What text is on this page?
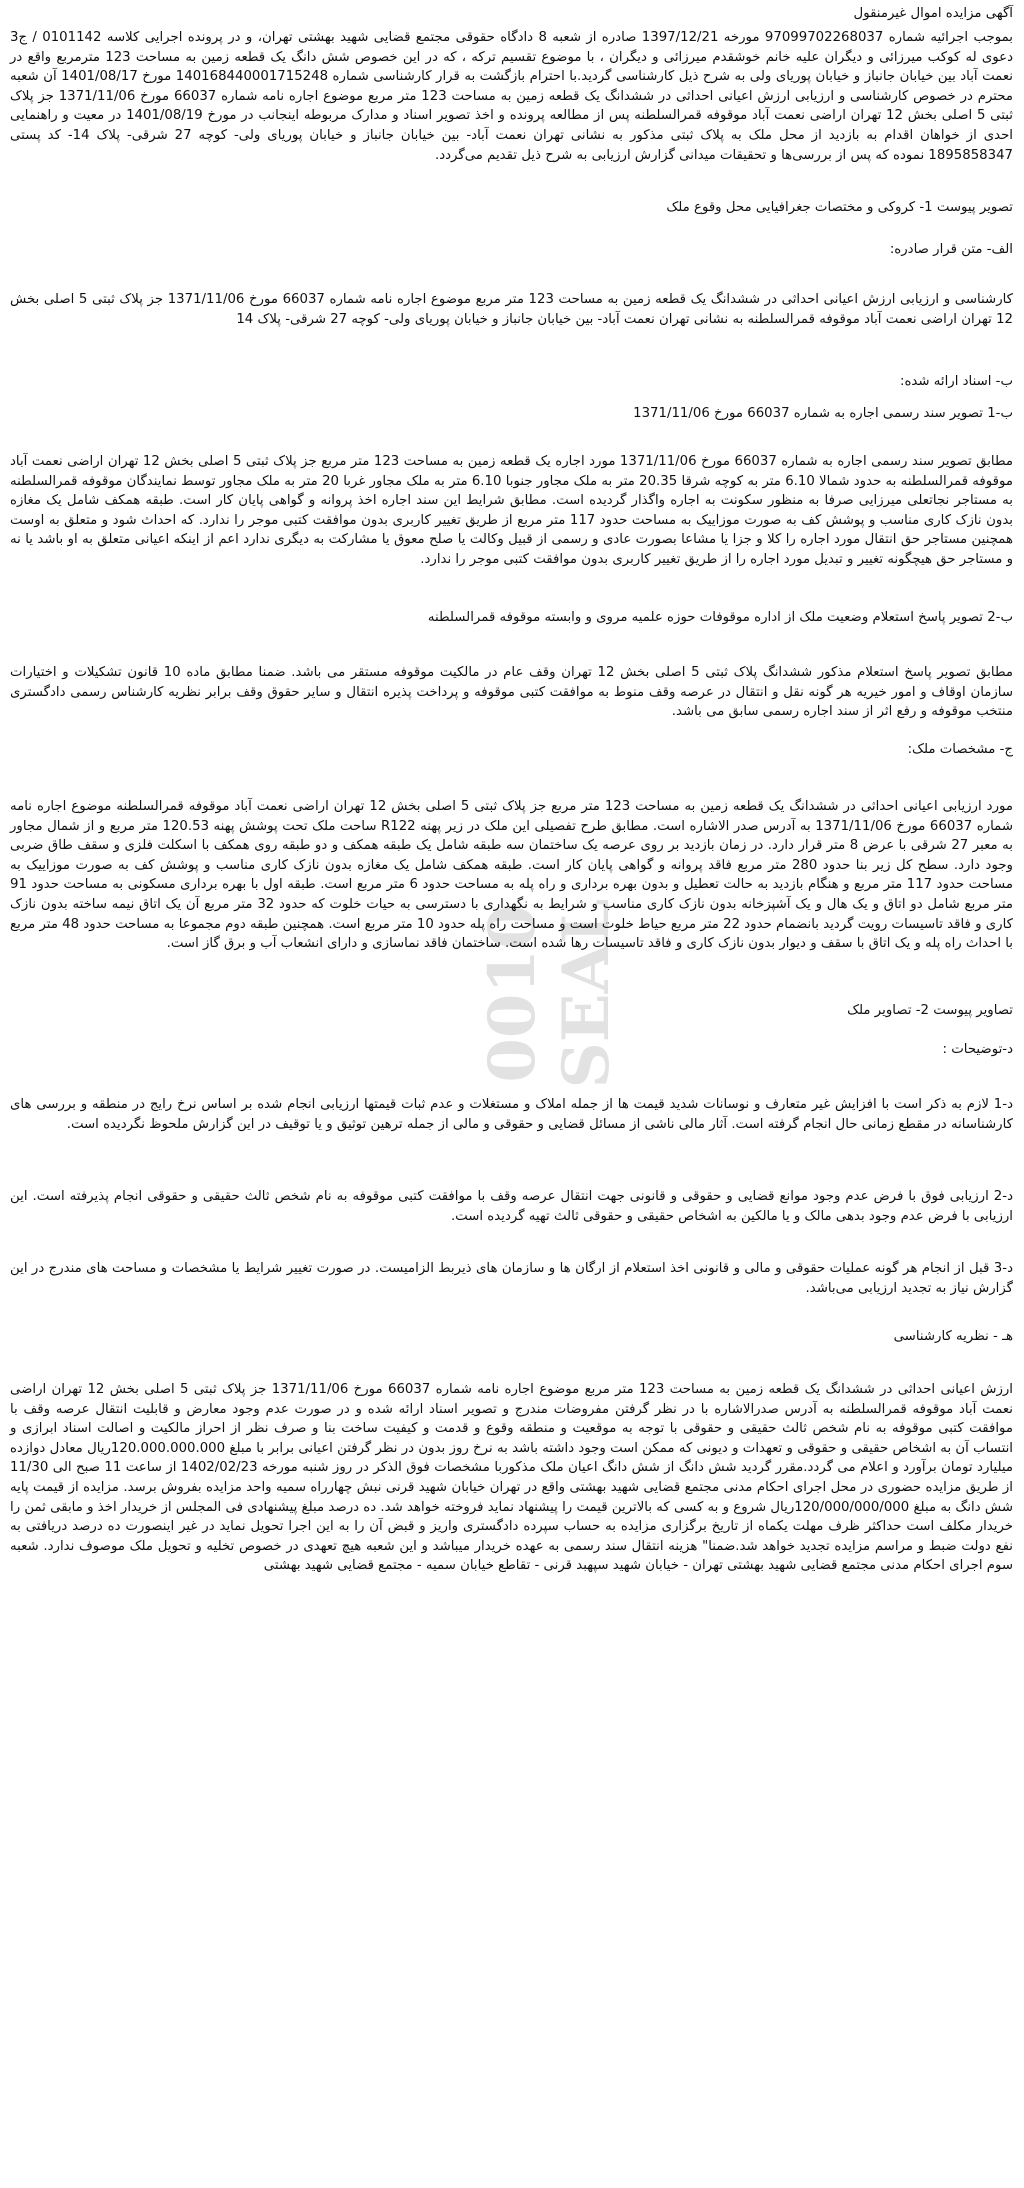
0010
SEAL

آگهی مزایده اموال غیرمنقول

بموجب اجرائیه شماره 97099702268037 مورخه 1397/12/21 صادره از شعبه 8 دادگاه حقوقی مجتمع قضایی شهید بهشتی تهران، و در پرونده اجرایی کلاسه 0101142 / ج3 دعوی له کوکب میرزائی و دیگران علیه خانم خوشقدم میرزائی و دیگران ، با موضوع تقسیم ترکه ، که در این خصوص شش دانگ یک قطعه زمین به مساحت 123 مترمربع واقع در نعمت آباد بین خیابان جانباز و خیابان پوریای ولی به شرح ذیل کارشناسی گردید.با احترام بازگشت به قرار کارشناسی شماره 140168440001715248 مورخ 1401/08/17 آن شعبه محترم در خصوص کارشناسی و ارزیابی ارزش اعیانی احداثی در ششدانگ یک قطعه زمین به مساحت 123 متر مربع موضوع اجاره نامه شماره 66037 مورخ 1371/11/06 جز پلاک ثبتی 5 اصلی بخش 12 تهران اراضی نعمت آباد موقوفه قمرالسلطنه پس از مطالعه پرونده و اخذ تصویر اسناد و مدارک مربوطه اینجانب در مورخ 1401/08/19 در معیت و راهنمایی احدی از خواهان اقدام به بازدید از محل ملک به پلاک ثبتی مذکور به نشانی تهران نعمت آباد- بین خیابان جانباز و خیابان پوریای ولی- کوچه 27 شرقی- پلاک 14- کد پستی 1895858347 نموده که پس از بررسی‌ها و تحقیقات میدانی گزارش ارزیابی به شرح ذیل تقدیم می‌گردد.

تصویر پیوست 1- کروکی و مختصات جغرافیایی محل وقوع ملک

الف- متن قرار صادره:

کارشناسی و ارزیابی ارزش اعیانی احداثی در ششدانگ یک قطعه زمین به مساحت 123 متر مربع موضوع اجاره نامه شماره 66037 مورخ 1371/11/06 جز پلاک ثبتی 5 اصلی بخش 12 تهران اراضی نعمت آباد موقوفه قمرالسلطنه به نشانی تهران نعمت آباد- بین خیابان جانباز و خیابان پوریای ولی- کوچه 27 شرقی- پلاک 14

ب- اسناد ارائه شده:

ب-1 تصویر سند رسمی اجاره به شماره 66037 مورخ 1371/11/06

مطابق تصویر سند رسمی اجاره به شماره 66037 مورخ 1371/11/06 مورد اجاره یک قطعه زمین به مساحت 123 متر مربع جز پلاک ثبتی 5 اصلی بخش 12 تهران اراضی نعمت آباد موقوفه قمرالسلطنه به حدود شمالا 6.10 متر به کوچه شرقا 20.35 متر به ملک مجاور جنوبا 6.10 متر به ملک مجاور غربا 20 متر به ملک مجاور توسط نمایندگان موقوفه قمرالسلطنه به مستاجر نجاتعلی میرزایی صرفا به منظور سکونت به اجاره واگذار گردیده است. مطابق شرایط این سند اجاره اخذ پروانه و گواهی پایان کار است. طبقه همکف شامل یک مغازه بدون نازک کاری مناسب و پوشش کف به صورت موزاییک به مساحت حدود 117 متر مربع از طریق تغییر کاربری بدون موافقت کتبی موجر را ندارد. که احداث شود و متعلق به اوست همچنین مستاجر حق انتقال مورد اجاره را کلا و جزا یا مشاعا بصورت عادی و رسمی از قبیل وکالت یا صلح معوق یا مشارکت به دیگری ندارد اعم از اینکه اعیانی متعلق به او باشد یا نه و مستاجر حق هیچگونه تغییر و تبدیل مورد اجاره را از طریق تغییر کاربری بدون موافقت کتبی موجر را ندارد.

ب-2 تصویر پاسخ استعلام وضعیت ملک از اداره موقوفات حوزه علمیه مروی و وابسته موقوفه قمرالسلطنه

مطابق تصویر پاسخ استعلام مذکور ششدانگ پلاک ثبتی 5 اصلی بخش 12 تهران وقف عام در مالکیت موقوفه مستقر می باشد. ضمنا مطابق ماده 10 قانون تشکیلات و اختیارات سازمان اوقاف و امور خیریه هر گونه نقل و انتقال در عرصه وقف منوط به موافقت کتبی موقوفه و پرداخت پذیره انتقال و سایر حقوق وقف برابر نظریه کارشناس رسمی دادگستری منتخب موقوفه و رفع اثر از سند اجاره رسمی سابق می باشد.

ج- مشخصات ملک:

مورد ارزیابی اعیانی احداثی در ششدانگ یک قطعه زمین به مساحت 123 متر مربع جز پلاک ثبتی 5 اصلی بخش 12 تهران اراضی نعمت آباد موقوفه قمرالسلطنه موضوع اجاره نامه شماره 66037 مورخ 1371/11/06 به آدرس صدر الاشاره است. مطابق طرح تفصیلی این ملک در زیر پهنه R122 ساحت ملک تحت پوشش پهنه 120.53 متر مربع و از شمال مجاور به معبر 27 شرقی با عرض 8 متر قرار دارد. در زمان بازدید بر روی عرصه یک ساختمان سه طبقه شامل یک طبقه همکف و دو طبقه روی همکف با اسکلت فلزی و سقف طاق ضربی وجود دارد. سطح کل زیر بنا حدود 280 متر مربع فاقد پروانه و گواهی پایان کار است. طبقه همکف شامل یک مغازه بدون نازک کاری مناسب و پوشش کف به صورت موزاییک به مساحت حدود 117 متر مربع و هنگام بازدید به حالت تعطیل و بدون بهره برداری و راه پله به مساحت حدود 6 متر مربع است. طبقه اول با بهره برداری مسکونی به مساحت حدود 91 متر مربع شامل دو اتاق و یک هال و یک آشپزخانه بدون نازک کاری مناسب و شرایط به نگهداری با دسترسی به حیات خلوت که حدود 32 متر مربع آن یک اتاق نیمه ساخته بدون نازک کاری و فاقد تاسیسات رویت گردید بانضمام حدود 22 متر مربع حیاط خلوت است و مساحت راه پله حدود 10 متر مربع است. همچنین طبقه دوم مجموعا به مساحت حدود 48 متر مربع با احداث راه پله و یک اتاق با سقف و دیوار بدون نازک کاری و فاقد تاسیسات رها شده است. ساختمان فاقد نماسازی و دارای انشعاب آب و برق گاز است.

تصاویر پیوست 2- تصاویر ملک

د-توضیحات :

د-1 لازم به ذکر است با افزایش غیر متعارف و نوسانات شدید قیمت ها از جمله املاک و مستغلات و عدم ثبات قیمتها ارزیابی انجام شده بر اساس نرخ رایج در منطقه و بررسی های کارشناسانه در مقطع زمانی حال انجام گرفته است. آثار مالی ناشی از مسائل قضایی و حقوقی و مالی از جمله ترهین توثیق و یا توقیف در این گزارش ملحوظ نگردیده است.

د-2 ارزیابی فوق با فرض عدم وجود موانع قضایی و حقوقی و قانونی جهت انتقال عرصه وقف با موافقت کتبی موقوفه به نام شخص ثالث حقیقی و حقوقی انجام پذیرفته است. این ارزیابی با فرض عدم وجود بدهی مالک و یا مالکین به اشخاص حقیقی و حقوقی ثالث تهیه گردیده است.

د-3 قبل از انجام هر گونه عملیات حقوقی و مالی و قانونی اخذ استعلام از ارگان ها و سازمان های ذیربط الزامیست. در صورت تغییر شرایط یا مشخصات و مساحت های مندرج در این گزارش نیاز به تجدید ارزیابی می‌باشد.

هـ - نظریه کارشناسی

ارزش اعیانی احداثی در ششدانگ یک قطعه زمین به مساحت 123 متر مربع موضوع اجاره نامه شماره 66037 مورخ 1371/11/06 جز پلاک ثبتی 5 اصلی بخش 12 تهران اراضی نعمت آباد موقوفه قمرالسلطنه به آدرس صدرالاشاره با در نظر گرفتن مفروضات مندرج و تصویر اسناد ارائه شده و در صورت عدم وجود معارض و قابلیت انتقال عرصه وقف با موافقت کتبی موقوفه به نام شخص ثالث حقیقی و حقوقی با توجه به موقعیت و منطقه وقوع و قدمت و کیفیت ساخت بنا و صرف نظر از احراز مالکیت و اصالت اسناد ابرازی و انتساب آن به اشخاص حقیقی و حقوقی و تعهدات و دیونی که ممکن است وجود داشته باشد به نرخ روز بدون در نظر گرفتن اعیانی برابر با مبلغ 120.000.000.000ریال معادل دوازده میلیارد تومان برآورد و اعلام می گردد.مقرر گردید شش دانگ از شش دانگ اعیان ملک مذکوربا مشخصات فوق الذکر در روز شنبه مورخه 1402/02/23 از ساعت 11 صبح الی 11/30 از طریق مزایده حضوری در محل اجرای احکام مدنی مجتمع قضایی شهید بهشتی واقع در تهران خیابان شهید قرنی نبش چهارراه سمیه واحد مزایده بفروش برسد. مزایده از قیمت پایه شش دانگ به مبلغ 120/000/000/000ریال شروع و به کسی که بالاترین قیمت را پیشنهاد نماید فروخته خواهد شد. ده درصد مبلغ پیشنهادی فی المجلس از خریدار اخذ و مابقی ثمن را خریدار مکلف است حداکثر ظرف مهلت یکماه از تاریخ برگزاری مزایده به حساب سپرده دادگستری واریز و قبض آن را به این اجرا تحویل نماید در غیر اینصورت ده درصد دریافتی به نفع دولت ضبط و مراسم مزایده تجدید خواهد شد.ضمنا" هزینه انتقال سند رسمی به عهده خریدار میباشد و این شعبه هیچ تعهدی در خصوص تخلیه و تحویل ملک موصوف ندارد. شعبه سوم اجرای احکام مدنی مجتمع قضایی شهید بهشتی تهران - خیابان شهید سپهبد قرنی - تقاطع خیابان سمیه - مجتمع قضایی شهید بهشتی
